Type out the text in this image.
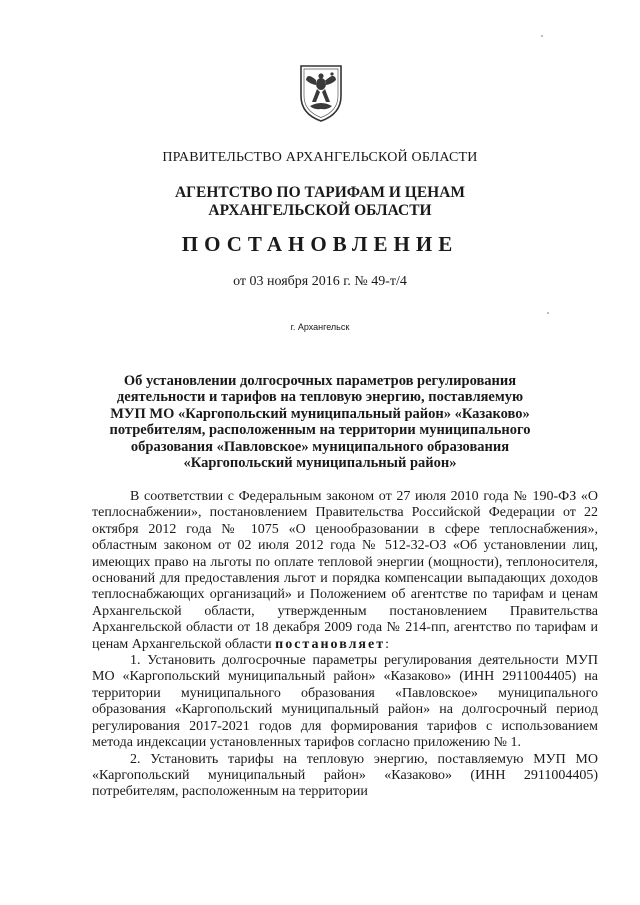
ПРАВИТЕЛЬСТВО АРХАНГЕЛЬСКОЙ ОБЛАСТИ
АГЕНТСТВО ПО ТАРИФАМ И ЦЕНАМ
АРХАНГЕЛЬСКОЙ ОБЛАСТИ
ПОСТАНОВЛЕНИЕ
от 03 ноября 2016 г. № 49-т/4
г. Архангельск
Об установлении долгосрочных параметров регулирования
деятельности и тарифов на тепловую энергию, поставляемую
МУП МО «Каргопольский муниципальный район» «Казаково»
потребителям, расположенным на территории муниципального
образования «Павловское» муниципального образования
«Каргопольский муниципальный район»

В соответствии с Федеральным законом от 27 июля 2010 года № 190-ФЗ «О теплоснабжении», постановлением Правительства Российской Федерации от 22 октября 2012 года № 1075 «О ценообразовании в сфере теплоснабжения», областным законом от 02 июля 2012 года № 512-32-ОЗ «Об установлении лиц, имеющих право на льготы по оплате тепловой энергии (мощности), теплоносителя, оснований для предоставления льгот и порядка компенсации выпадающих доходов теплоснабжающих организаций» и Положением об агентстве по тарифам и ценам Архангельской области, утвержденным постановлением Правительства Архангельской области от 18 декабря 2009 года № 214-пп, агентство по тарифам и ценам Архангельской области постановляет:

1. Установить долгосрочные параметры регулирования деятельности МУП МО «Каргопольский муниципальный район» «Казаково» (ИНН 2911004405) на территории муниципального образования «Павловское» муниципального образования «Каргопольский муниципальный район» на долгосрочный период регулирования 2017-2021 годов для формирования тарифов с использованием метода индексации установленных тарифов согласно приложению № 1.

2. Установить тарифы на тепловую энергию, поставляемую МУП МО «Каргопольский муниципальный район» «Казаково» (ИНН 2911004405) потребителям, расположенным на территории
